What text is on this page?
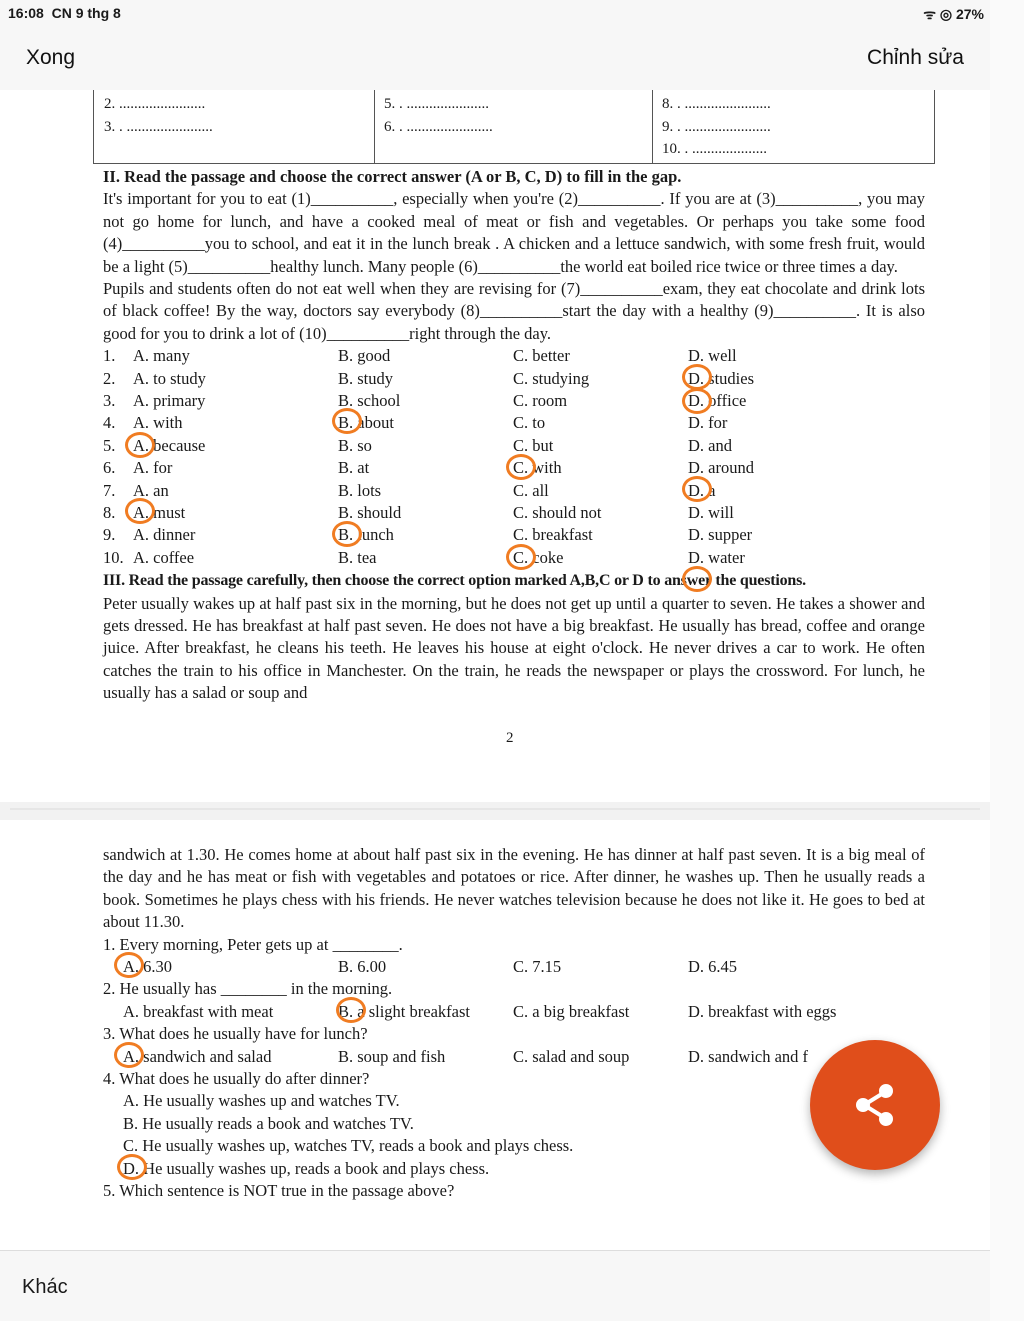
16:08 CN 9 thg 8	ᯤ ◎ 27%
Xong	Chỉnh sửa
2. .......................
3. . .......................
5. . ......................
6. . .......................
8. . .......................
9. . .......................
10. . ....................
II. Read the passage and choose the correct answer (A or B, C, D) to fill in the gap.

It's important for you to eat (1)__________, especially when you're (2)__________. If you are at (3)__________, you may not go home for lunch, and have a cooked meal of meat or fish and vegetables. Or perhaps you take some food (4)__________you to school, and eat it in the lunch break . A chicken and a lettuce sandwich, with some fresh fruit, would be a light (5)__________healthy lunch. Many people (6)__________the world eat boiled rice twice or three times a day.

Pupils and students often do not eat well when they are revising for (7)__________exam, they eat chocolate and drink lots of black coffee! By the way, doctors say everybody (8)__________start the day with a healthy (9)__________. It is also good for you to drink a lot of (10)__________right through the day.

1. A. many	B. good	C. better	D. well
2. A. to study	B. study	C. studying	D. studies
3. A. primary	B. school	C. room	D. office
4. A. with	B. about	C. to	D. for
5. A. because	B. so	C. but	D. and
6. A. for	B. at	C. with	D. around
7. A. an	B. lots	C. all	D. a
8. A. must	B. should	C. should not	D. will
9. A. dinner	B. lunch	C. breakfast	D. supper
10. A. coffee	B. tea	C. coke	D. water
III. Read the passage carefully, then choose the correct option marked A,B,C or D to answer the questions.

Peter usually wakes up at half past six in the morning, but he does not get up until a quarter to seven. He takes a shower and gets dressed. He has breakfast at half past seven. He does not have a big breakfast. He usually has bread, coffee and orange juice. After breakfast, he cleans his teeth. He leaves his house at eight o'clock. He never drives a car to work. He often catches the train to his office in Manchester. On the train, he reads the newspaper or plays the crossword. For lunch, he usually has a salad or soup and

2

sandwich at 1.30. He comes home at about half past six in the evening. He has dinner at half past seven. It is a big meal of the day and he has meat or fish with vegetables and potatoes or rice. After dinner, he washes up. Then he usually reads a book. Sometimes he plays chess with his friends. He never watches television because he does not like it. He goes to bed at about 11.30.

1. Every morning, Peter gets up at ________.
A. 6.30	B. 6.00	C. 7.15	D. 6.45
2. He usually has ________ in the morning.
A. breakfast with meat	B. a slight breakfast	C. a big breakfast	D. breakfast with eggs
3. What does he usually have for lunch?
A. sandwich and salad	B. soup and fish	C. salad and soup	D. sandwich and f
4. What does he usually do after dinner?
A. He usually washes up and watches TV.
B. He usually reads a book and watches TV.
C. He usually washes up, watches TV, reads a book and plays chess.
D. He usually washes up, reads a book and plays chess.
5. Which sentence is NOT true in the passage above?
Khác
